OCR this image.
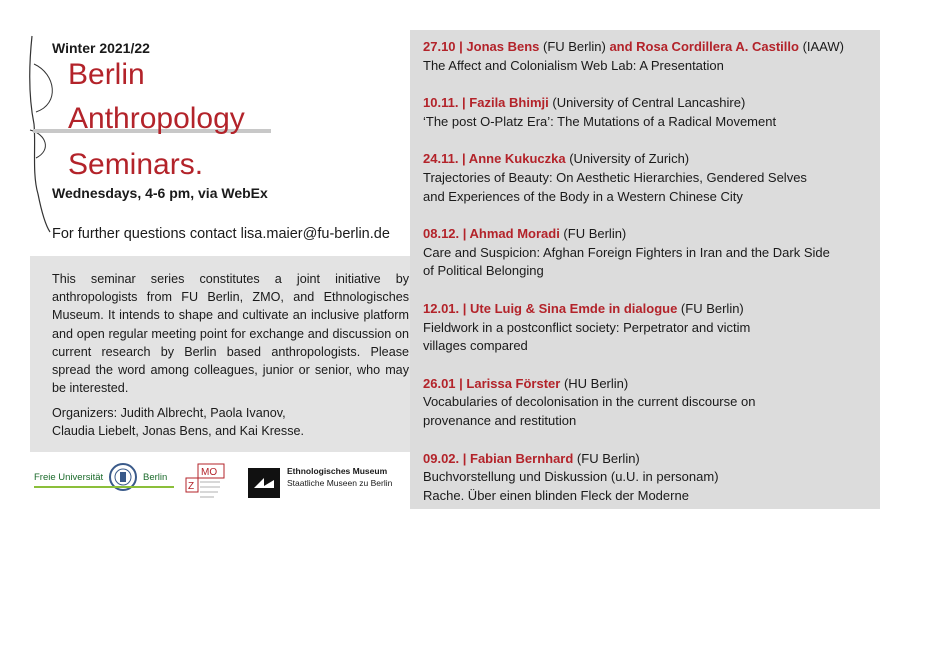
Winter 2021/22
Berlin
Anthropology
Seminars.
Wednesdays, 4-6 pm, via WebEx
For further questions contact lisa.maier@fu-berlin.de
This seminar series constitutes a joint initiative by anthropologists from FU Berlin, ZMO, and Ethnologisches Museum. It intends to shape and cultivate an inclusive platform and open regular meeting point for exchange and discussion on current research by Berlin based anthropologists. Please spread the word among colleagues, junior or senior, who may be interested.
Organizers: Judith Albrecht, Paola Ivanov,
Claudia Liebelt, Jonas Bens, and Kai Kresse.
Freie Universität	Berlin	MO
Z
Ethnologisches Museum
Staatliche Museen zu Berlin
27.10 | Jonas Bens (FU Berlin) and Rosa Cordillera A. Castillo (IAAW)
The Affect and Colonialism Web Lab: A Presentation
10.11. | Fazila Bhimji (University of Central Lancashire)
‘The post O-Platz Era’: The Mutations of a Radical Movement
24.11. | Anne Kukuczka (University of Zurich)
Trajectories of Beauty: On Aesthetic Hierarchies, Gendered Selves
and Experiences of the Body in a Western Chinese City
08.12. | Ahmad Moradi (FU Berlin)
Care and Suspicion: Afghan Foreign Fighters in Iran and the Dark Side
of Political Belonging
12.01. | Ute Luig & Sina Emde in dialogue (FU Berlin)
Fieldwork in a postconflict society: Perpetrator and victim
villages compared
26.01 | Larissa Förster (HU Berlin)
Vocabularies of decolonisation in the current discourse on
provenance and restitution
09.02. | Fabian Bernhard (FU Berlin)
Buchvorstellung und Diskussion (u.U. in personam)
Rache. Über einen blinden Fleck der Moderne
